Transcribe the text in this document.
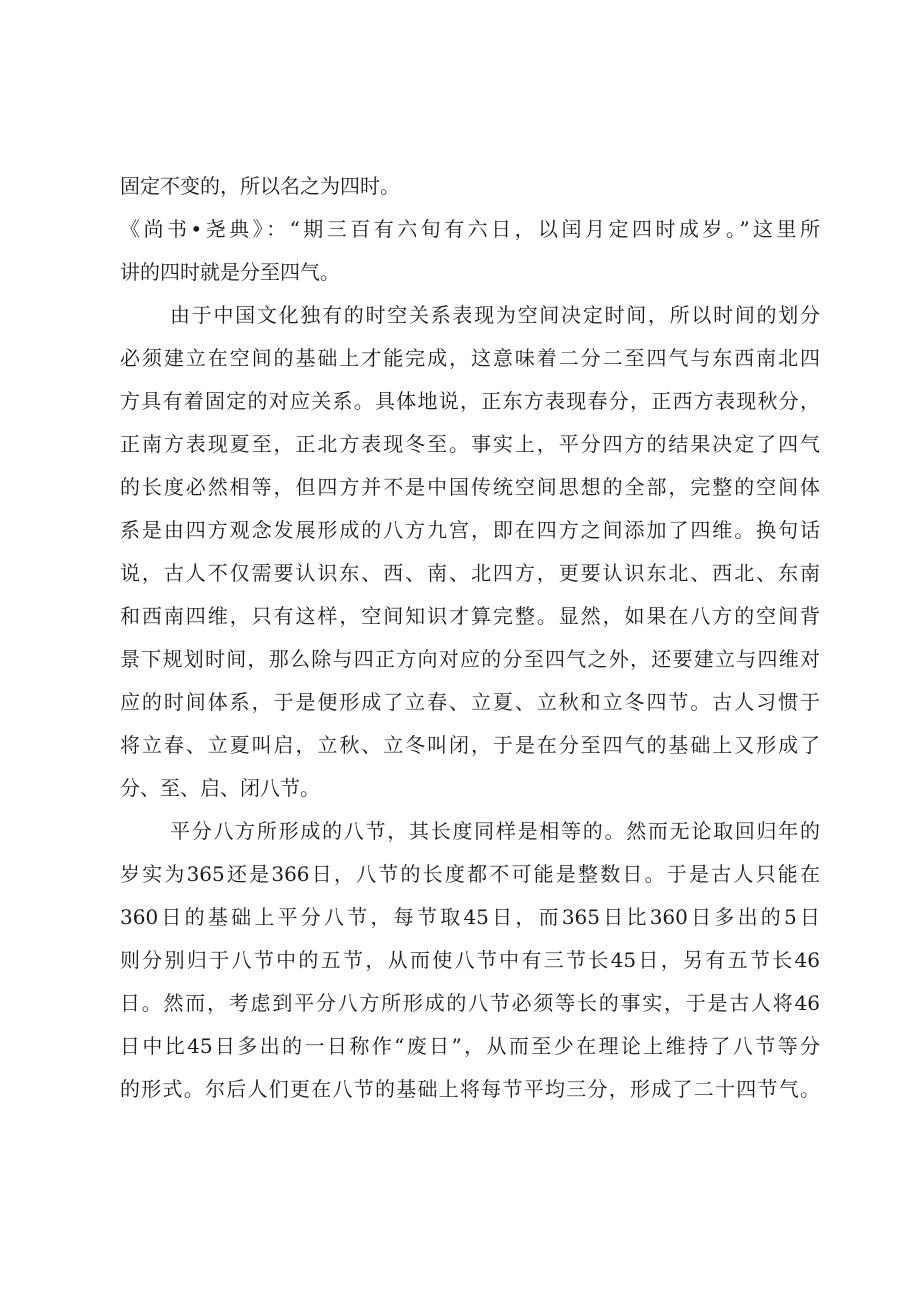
固定不变的，所以名之为四时。
《尚书•尧典》：“期三百有六旬有六日，以闰月定四时成岁。”这里所
讲的四时就是分至四气。
由于中国文化独有的时空关系表现为空间决定时间，所以时间的划分
必须建立在空间的基础上才能完成，这意味着二分二至四气与东西南北四
方具有着固定的对应关系。具体地说，正东方表现春分，正西方表现秋分，
正南方表现夏至，正北方表现冬至。事实上，平分四方的结果决定了四气
的长度必然相等，但四方并不是中国传统空间思想的全部，完整的空间体
系是由四方观念发展形成的八方九宫，即在四方之间添加了四维。换句话
说，古人不仅需要认识东、西、南、北四方，更要认识东北、西北、东南
和西南四维，只有这样，空间知识才算完整。显然，如果在八方的空间背
景下规划时间，那么除与四正方向对应的分至四气之外，还要建立与四维对
应的时间体系，于是便形成了立春、立夏、立秋和立冬四节。古人习惯于
将立春、立夏叫启，立秋、立冬叫闭，于是在分至四气的基础上又形成了
分、至、启、闭八节。
平分八方所形成的八节，其长度同样是相等的。然而无论取回归年的
岁实为365还是366日，八节的长度都不可能是整数日。于是古人只能在
360日的基础上平分八节，每节取45日，而365日比360日多出的5日
则分别归于八节中的五节，从而使八节中有三节长45日，另有五节长46
日。然而，考虑到平分八方所形成的八节必须等长的事实，于是古人将46
日中比45日多出的一日称作“废日”，从而至少在理论上维持了八节等分
的形式。尔后人们更在八节的基础上将每节平均三分，形成了二十四节气。
